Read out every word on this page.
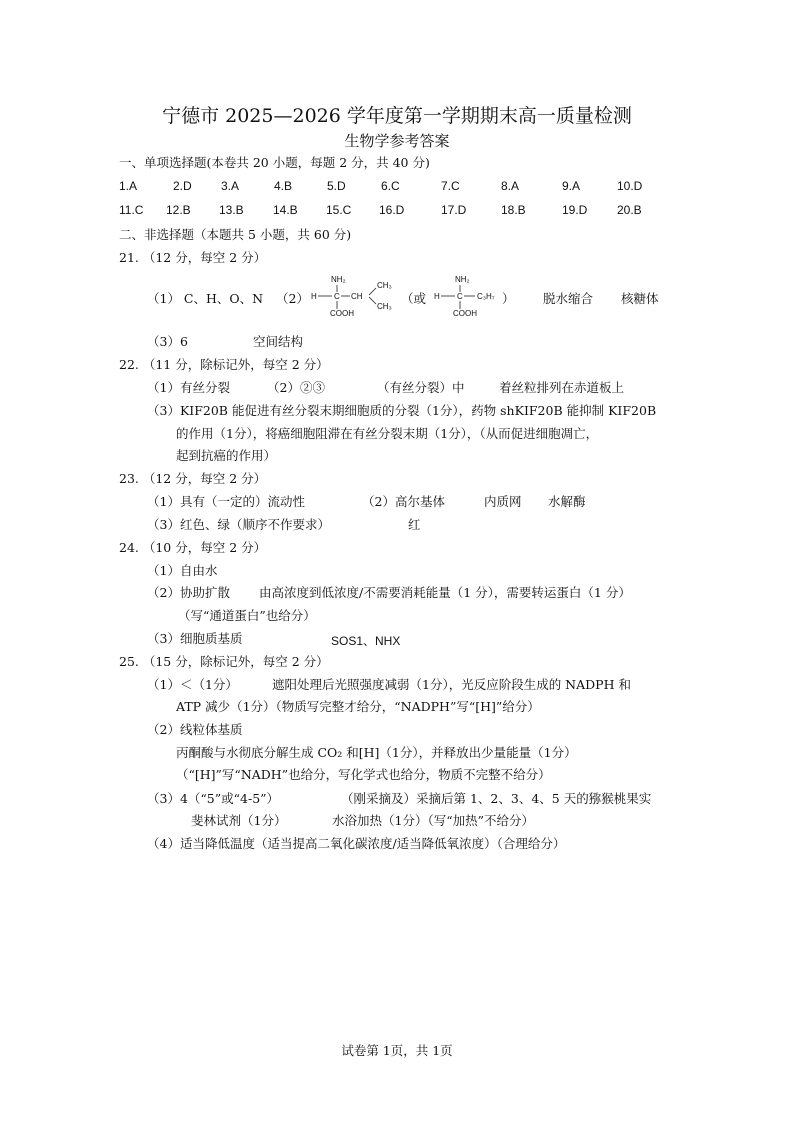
宁德市 2025—2026 学年度第一学期期末高一质量检测
生物学参考答案
一、单项选择题(本卷共 20 小题，每题 2 分，共 40 分)
1.A	2.D 3.A	4.B	5.D	6.C	7.C	8.A	9.A	10.D
11.C 12.B 13.B 14.B 15.C 16.D	17.D	18.B	19.D 20.B
二、非选择题（本题共 5 小题，共 60 分)
21. （12 分，每空 2 分）
（1） C、H、O、N （2）
NH₂
CH₃
H C CH
CH₃
COOH
（或
NH₂
H C C₃H₇
COOH
） 脱水缩合 核糖体
（3）6	空间结构
22. （11 分，除标记外，每空 2 分）
（1）有丝分裂	（2）②③	（有丝分裂）中	着丝粒排列在赤道板上
（3）KIF20B 能促进有丝分裂末期细胞质的分裂（1分），药物 shKIF20B 能抑制 KIF20B
的作用（1分），将癌细胞阻滞在有丝分裂末期（1分），（从而促进细胞凋亡，
起到抗癌的作用）
23. （12 分，每空 2 分）
（1）具有（一定的）流动性	（2）高尔基体	内质网 水解酶
（3）红色、绿（顺序不作要求）	红
24. （10 分，每空 2 分）
（1）自由水
（2）协助扩散 由高浓度到低浓度/不需要消耗能量（1 分），需要转运蛋白（1 分）
（写“通道蛋白”也给分）
（3）细胞质基质	SOS1、NHX
25. （15 分，除标记外，每空 2 分）
（1）＜（1分）	遮阳处理后光照强度减弱（1分），光反应阶段生成的 NADPH 和
ATP 减少（1分）（物质写完整才给分，“NADPH”写“[H]”给分）
（2）线粒体基质
丙酮酸与水彻底分解生成 CO₂ 和[H]（1分），并释放出少量能量（1分）
（“[H]”写“NADH”也给分，写化学式也给分，物质不完整不给分）
（3）4（“5”或“4-5”）	（刚采摘及）采摘后第 1、2、3、4、5 天的猕猴桃果实
斐林试剂（1分）	水浴加热（1分）（写“加热”不给分）
（4）适当降低温度（适当提高二氧化碳浓度/适当降低氧浓度）（合理给分）
试卷第 1页，共 1页
